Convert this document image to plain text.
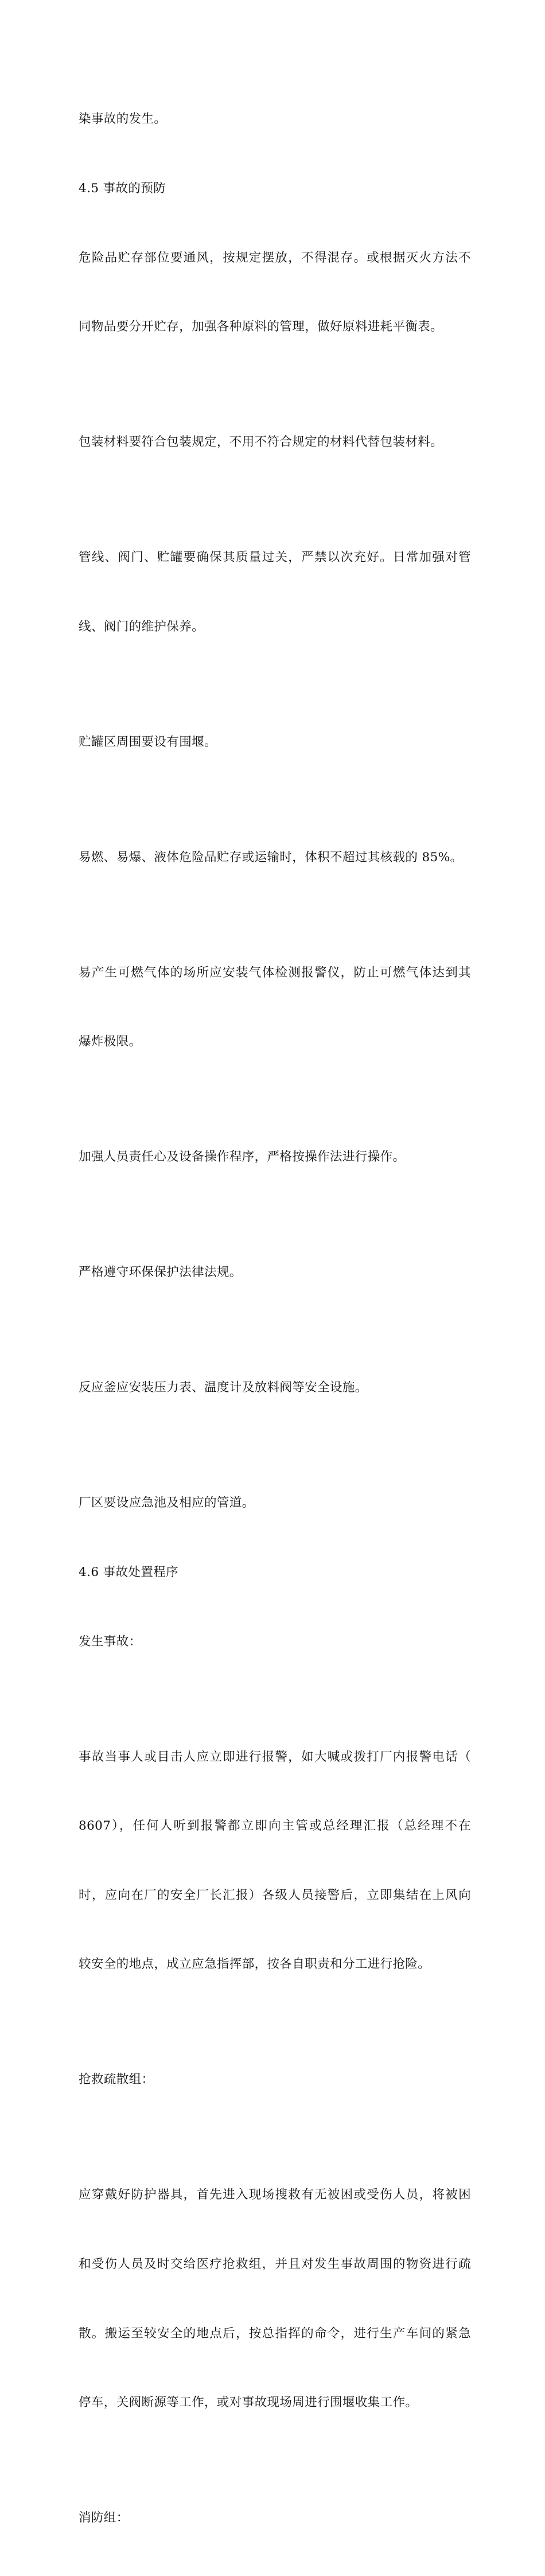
染事故的发生。

4.5 事故的预防

危险品贮存部位要通风，按规定摆放，不得混存。或根据灭火方法不

同物品要分开贮存，加强各种原料的管理，做好原料进耗平衡表。

包装材料要符合包装规定，不用不符合规定的材料代替包装材料。

管线、阀门、贮罐要确保其质量过关，严禁以次充好。日常加强对管

线、阀门的维护保养。

贮罐区周围要设有围堰。

易燃、易爆、液体危险品贮存或运输时，体积不超过其核载的 85%。

易产生可燃气体的场所应安装气体检测报警仪，防止可燃气体达到其

爆炸极限。

加强人员责任心及设备操作程序，严格按操作法进行操作。

严格遵守环保保护法律法规。

反应釜应安装压力表、温度计及放料阀等安全设施。

厂区要设应急池及相应的管道。

4.6 事故处置程序

发生事故：

事故当事人或目击人应立即进行报警，如大喊或拨打厂内报警电话（

8607），任何人听到报警都立即向主管或总经理汇报（总经理不在

时，应向在厂的安全厂长汇报）各级人员接警后，立即集结在上风向

较安全的地点，成立应急指挥部，按各自职责和分工进行抢险。

抢救疏散组：

应穿戴好防护器具，首先进入现场搜救有无被困或受伤人员，将被困

和受伤人员及时交给医疗抢救组，并且对发生事故周围的物资进行疏

散。搬运至较安全的地点后，按总指挥的命令，进行生产车间的紧急

停车，关阀断源等工作，或对事故现场周进行围堰收集工作。

消防组：
